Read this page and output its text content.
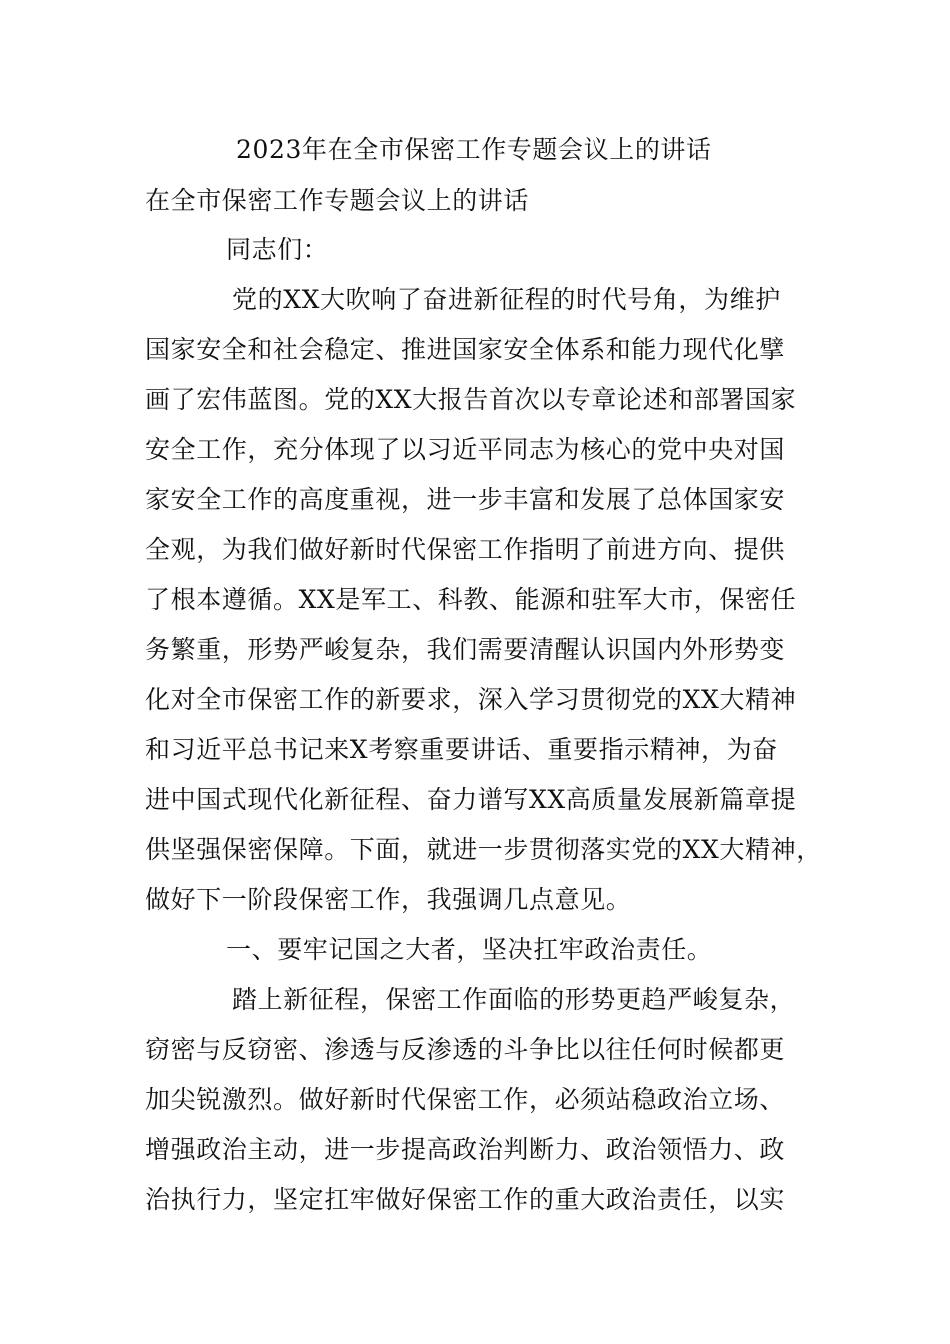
2023年在全市保密工作专题会议上的讲话
在全市保密工作专题会议上的讲话
同志们：
党的XX大吹响了奋进新征程的时代号角，为维护
国家安全和社会稳定、推进国家安全体系和能力现代化擘
画了宏伟蓝图。党的XX大报告首次以专章论述和部署国家
安全工作，充分体现了以习近平同志为核心的党中央对国
家安全工作的高度重视，进一步丰富和发展了总体国家安
全观，为我们做好新时代保密工作指明了前进方向、提供
了根本遵循。XX是军工、科教、能源和驻军大市，保密任
务繁重，形势严峻复杂，我们需要清醒认识国内外形势变
化对全市保密工作的新要求，深入学习贯彻党的XX大精神
和习近平总书记来X考察重要讲话、重要指示精神，为奋
进中国式现代化新征程、奋力谱写XX高质量发展新篇章提
供坚强保密保障。下面，就进一步贯彻落实党的XX大精神，
做好下一阶段保密工作，我强调几点意见。
一、要牢记国之大者，坚决扛牢政治责任。
踏上新征程，保密工作面临的形势更趋严峻复杂，
窃密与反窃密、渗透与反渗透的斗争比以往任何时候都更
加尖锐激烈。做好新时代保密工作，必须站稳政治立场、
增强政治主动，进一步提高政治判断力、政治领悟力、政
治执行力，坚定扛牢做好保密工作的重大政治责任，以实
